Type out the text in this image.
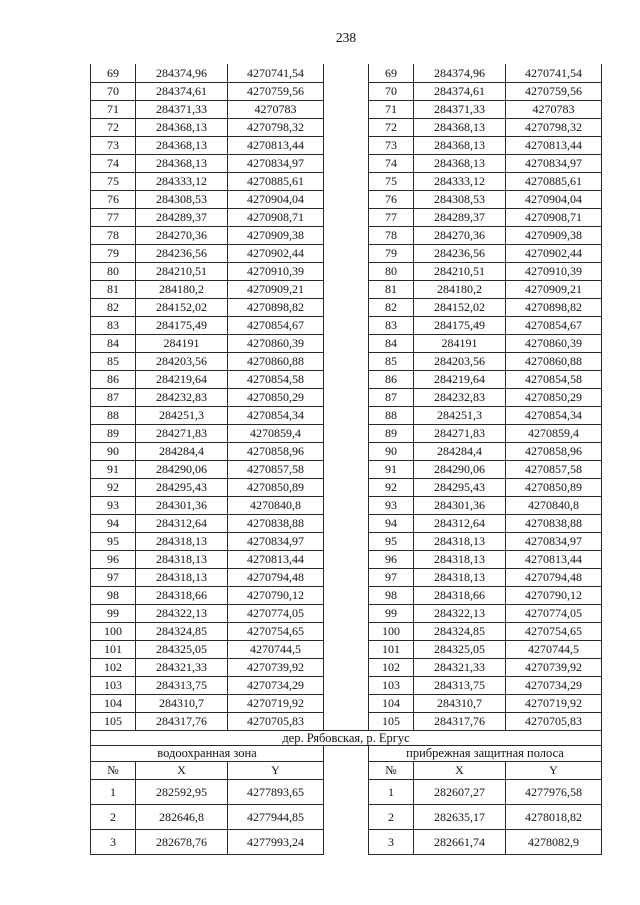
238
69	284374,96	4270741,54
70	284374,61	4270759,56
71	284371,33	4270783
72	284368,13	4270798,32
73	284368,13	4270813,44
74	284368,13	4270834,97
75	284333,12	4270885,61
76	284308,53	4270904,04
77	284289,37	4270908,71
78	284270,36	4270909,38
79	284236,56	4270902,44
80	284210,51	4270910,39
81	284180,2	4270909,21
82	284152,02	4270898,82
83	284175,49	4270854,67
84	284191	4270860,39
85	284203,56	4270860,88
86	284219,64	4270854,58
87	284232,83	4270850,29
88	284251,3	4270854,34
89	284271,83	4270859,4
90	284284,4	4270858,96
91	284290,06	4270857,58
92	284295,43	4270850,89
93	284301,36	4270840,8
94	284312,64	4270838,88
95	284318,13	4270834,97
96	284318,13	4270813,44
97	284318,13	4270794,48
98	284318,66	4270790,12
99	284322,13	4270774,05
100	284324,85	4270754,65
101	284325,05	4270744,5
102	284321,33	4270739,92
103	284313,75	4270734,29
104	284310,7	4270719,92
105	284317,76	4270705,83
69	284374,96	4270741,54
70	284374,61	4270759,56
71	284371,33	4270783
72	284368,13	4270798,32
73	284368,13	4270813,44
74	284368,13	4270834,97
75	284333,12	4270885,61
76	284308,53	4270904,04
77	284289,37	4270908,71
78	284270,36	4270909,38
79	284236,56	4270902,44
80	284210,51	4270910,39
81	284180,2	4270909,21
82	284152,02	4270898,82
83	284175,49	4270854,67
84	284191	4270860,39
85	284203,56	4270860,88
86	284219,64	4270854,58
87	284232,83	4270850,29
88	284251,3	4270854,34
89	284271,83	4270859,4
90	284284,4	4270858,96
91	284290,06	4270857,58
92	284295,43	4270850,89
93	284301,36	4270840,8
94	284312,64	4270838,88
95	284318,13	4270834,97
96	284318,13	4270813,44
97	284318,13	4270794,48
98	284318,66	4270790,12
99	284322,13	4270774,05
100	284324,85	4270754,65
101	284325,05	4270744,5
102	284321,33	4270739,92
103	284313,75	4270734,29
104	284310,7	4270719,92
105	284317,76	4270705,83
дер. Рябовская, р. Ергус
водоохранная зона		
№	X	Y
1	282592,95	4277893,65
2	282646,8	4277944,85
3	282678,76	4277993,24
прибрежная защитная полоса		
№	X	Y
1	282607,27	4277976,58
2	282635,17	4278018,82
3	282661,74	4278082,9
